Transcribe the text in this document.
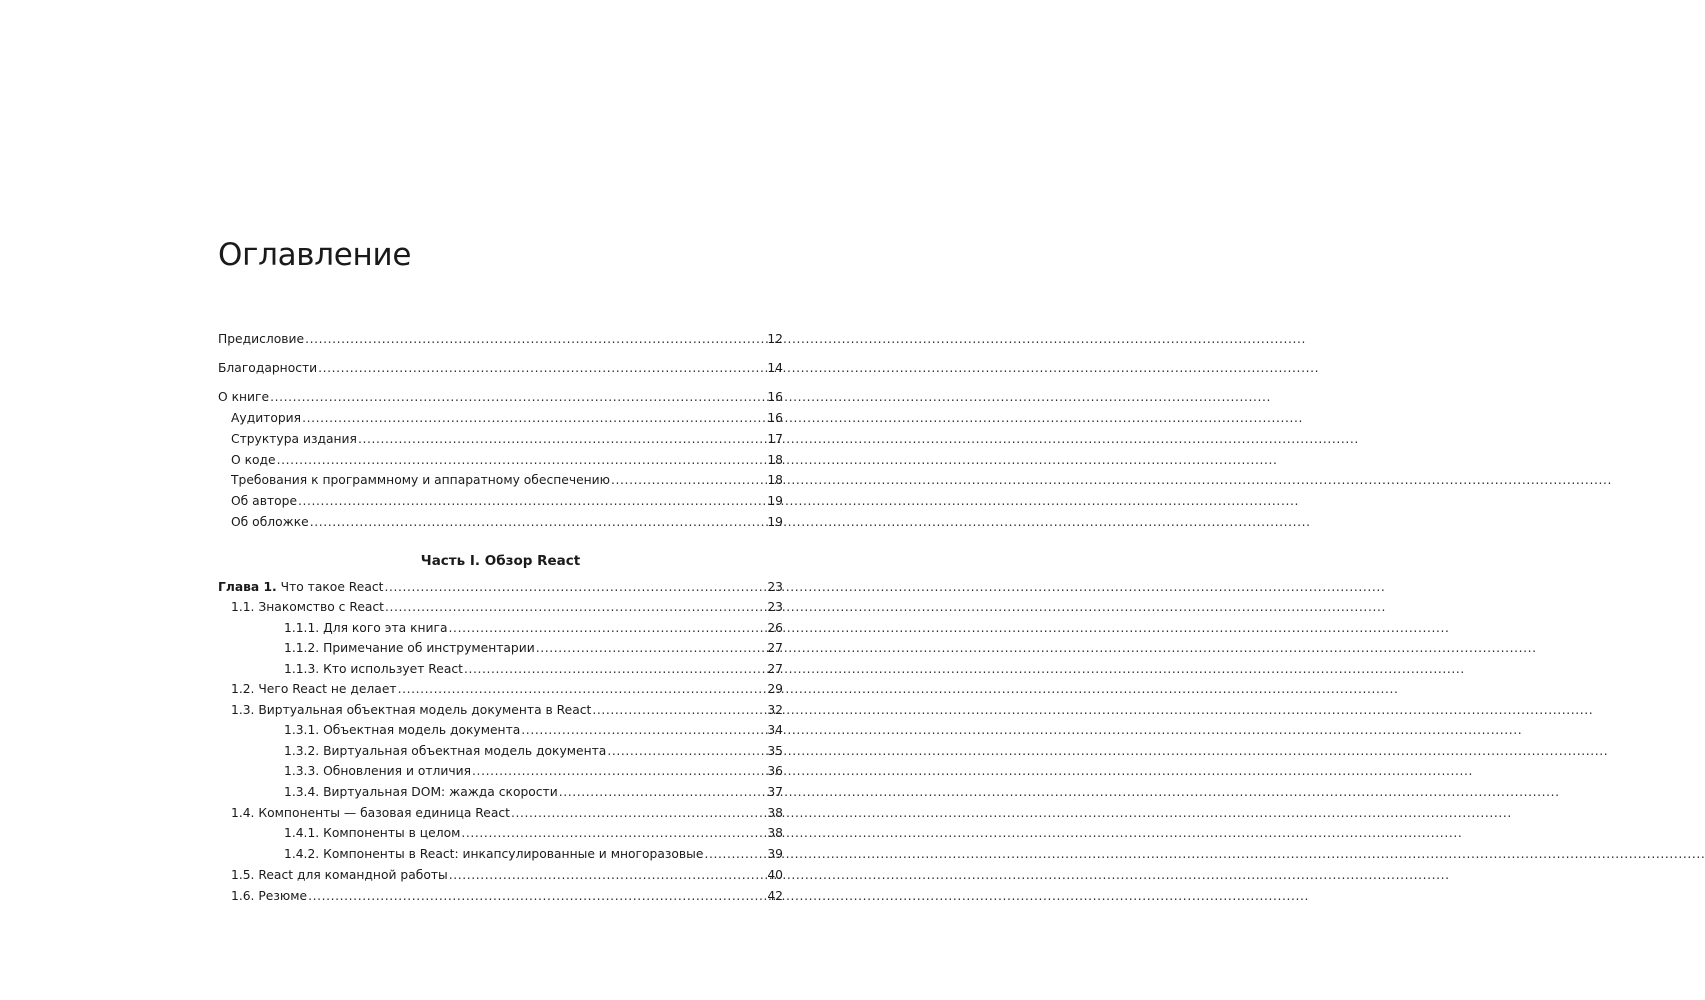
Оглавление
Предисловие .....	12
Благодарности .....	14
О книге .....	16
Аудитория .....	16
Структура издания .....	17
О коде .....	18
Требования к программному и аппаратному обеспечению .....	18
Об авторе .....	19
Об обложке .....	19
Часть I. Обзор React
Глава 1. Что такое React .....	23
1.1. Знакомство с React .....	23
1.1.1. Для кого эта книга .....	26
1.1.2. Примечание об инструментарии .....	27
1.1.3. Кто использует React .....	27
1.2. Чего React не делает .....	29
1.3. Виртуальная объектная модель документа в React .....	32
1.3.1. Объектная модель документа .....	34
1.3.2. Виртуальная объектная модель документа .....	35
1.3.3. Обновления и отличия .....	36
1.3.4. Виртуальная DOM: жажда скорости .....	37
1.4. Компоненты — базовая единица React .....	38
1.4.1. Компоненты в целом .....	38
1.4.2. Компоненты в React: инкапсулированные и многоразовые .....	39
1.5. React для командной работы .....	40
1.6. Резюме .....	42
